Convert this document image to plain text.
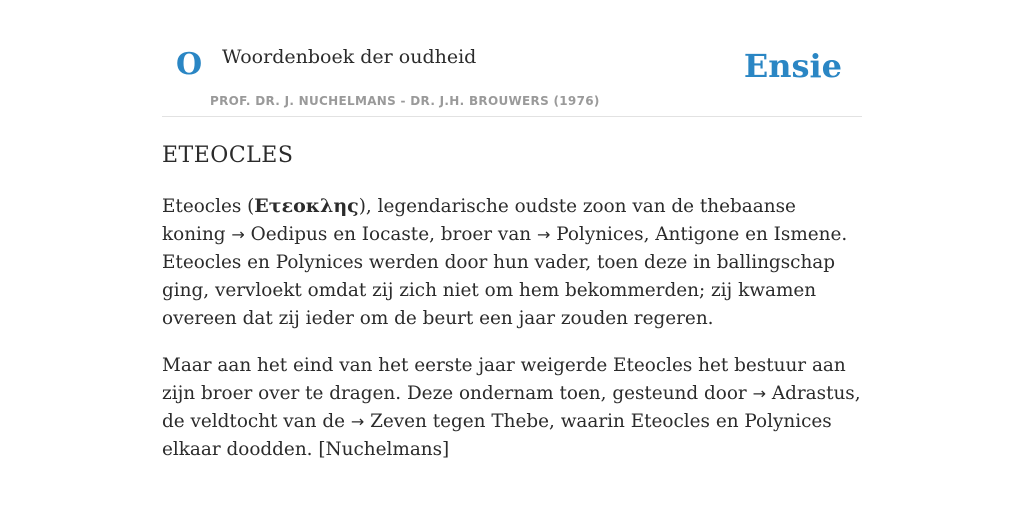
O Woordenboek der oudheid
PROF. DR. J. NUCHELMANS - DR. J.H. BROUWERS (1976)
Ensie
ETEOCLES

Eteocles (Ετεοκλης), legendarische oudste zoon van de thebaanse koning → Oedipus en Iocaste, broer van → Polynices, Antigone en Ismene. Eteocles en Polynices werden door hun vader, toen deze in ballingschap ging, vervloekt omdat zij zich niet om hem bekommerden; zij kwamen overeen dat zij ieder om de beurt een jaar zouden regeren.

Maar aan het eind van het eerste jaar weigerde Eteocles het bestuur aan zijn broer over te dragen. Deze ondernam toen, gesteund door → Adrastus, de veldtocht van de → Zeven tegen Thebe, waarin Eteocles en Polynices elkaar doodden. [Nuchelmans]
